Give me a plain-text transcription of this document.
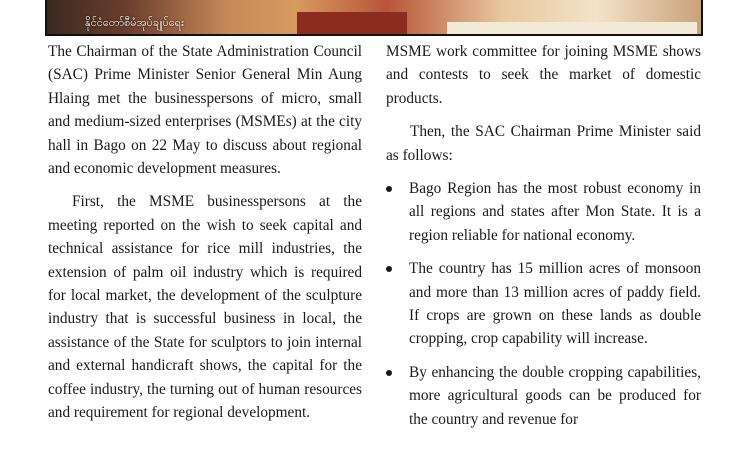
နိုင်ငံတော်စီမံအုပ်ချုပ်ရေး

The Chairman of the State Administration Council (SAC) Prime Minister Senior General Min Aung Hlaing met the businesspersons of micro, small and medium-sized enterprises (MSMEs) at the city hall in Bago on 22 May to discuss about regional and economic development measures.

First, the MSME businesspersons at the meeting reported on the wish to seek capital and technical assistance for rice mill industries, the extension of palm oil industry which is required for local market, the development of the sculpture industry that is successful business in local, the assistance of the State for sculptors to join internal and external handicraft shows, the capital for the coffee industry, the turning out of human resources and requirement for regional development.

MSME work committee for joining MSME shows and contests to seek the market of domestic products.

Then, the SAC Chairman Prime Minister said as follows:

Bago Region has the most robust economy in all regions and states after Mon State. It is a region reliable for national economy.
The country has 15 million acres of monsoon and more than 13 million acres of paddy field. If crops are grown on these lands as double cropping, crop capability will increase.
By enhancing the double cropping capabilities, more agricultural goods can be produced for the country and revenue for
